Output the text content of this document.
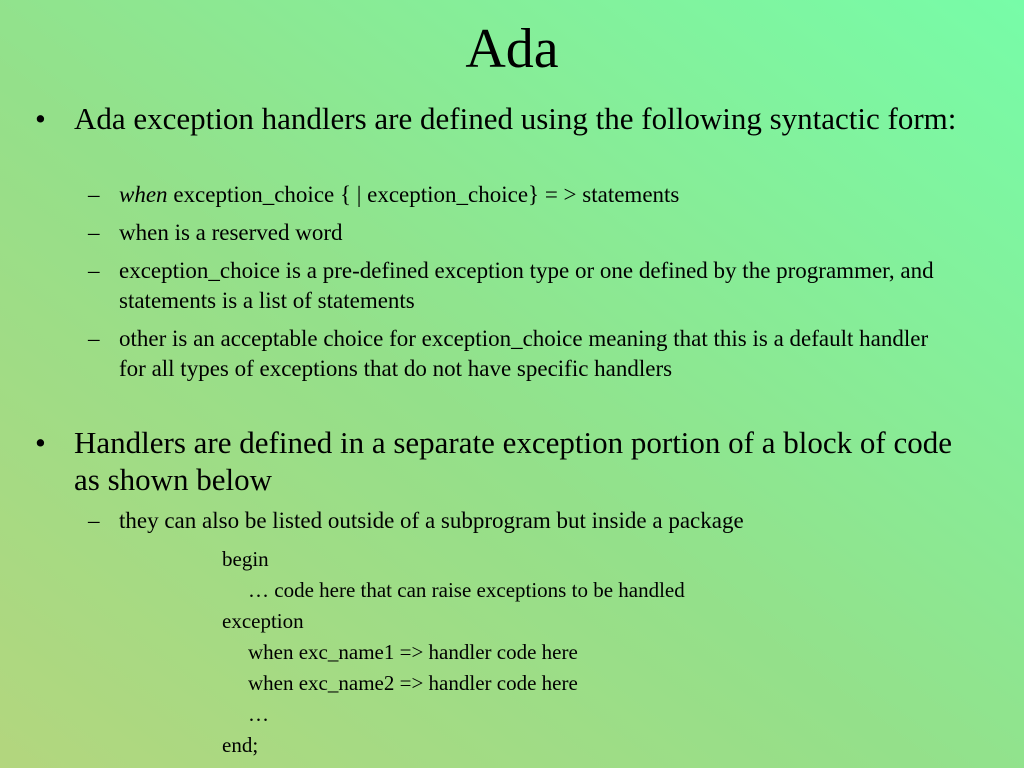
Ada
• Ada exception handlers are defined using the following syntactic form:
– when exception_choice { | exception_choice} = > statements
– when is a reserved word
– exception_choice is a pre-defined exception type or one defined by the programmer, and statements is a list of statements
– other is an acceptable choice for exception_choice meaning that this is a default handler for all types of exceptions that do not have specific handlers
• Handlers are defined in a separate exception portion of a block of code as shown below
– they can also be listed outside of a subprogram but inside a package
begin
… code here that can raise exceptions to be handled
exception
when exc_name1 => handler code here
when exc_name2 => handler code here
…
end;
